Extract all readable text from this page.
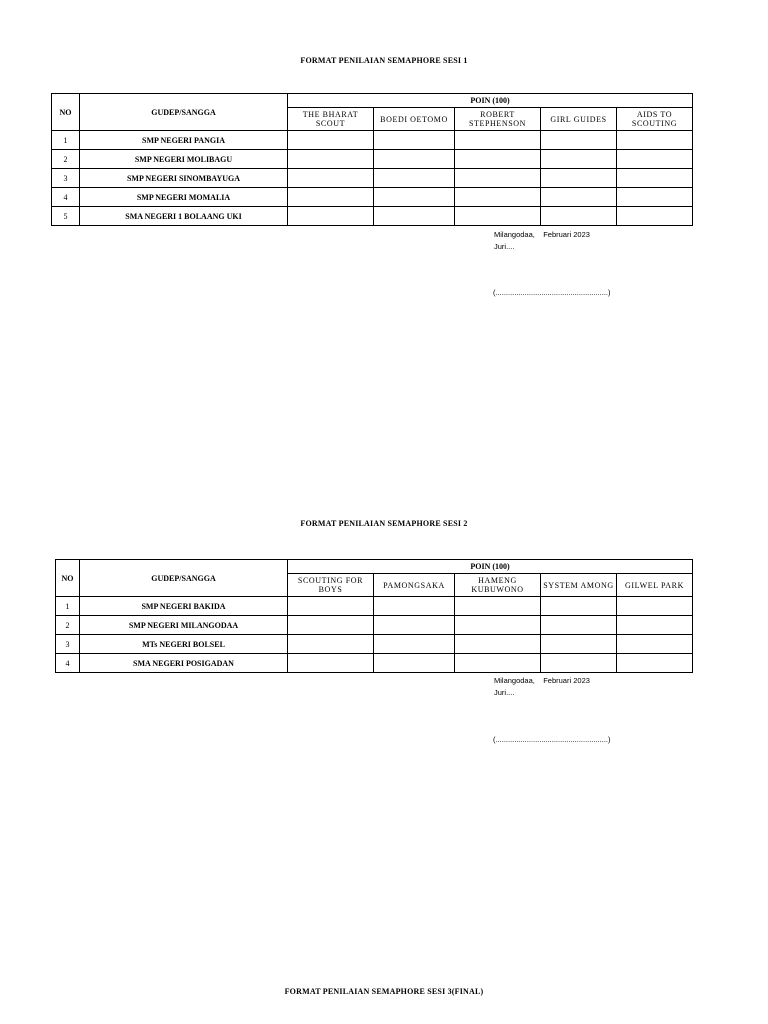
FORMAT PENILAIAN SEMAPHORE SESI 1
NO	GUDEP/SANGGA	POIN (100)				
		THE BHARAT SCOUT	BOEDI OETOMO	ROBERT STEPHENSON	GIRL GUIDES	AIDS TO SCOUTING
1	SMP NEGERI PANGIA					
2	SMP NEGERI MOLIBAGU					
3	SMP NEGERI SINOMBAYUGA					
4	SMP NEGERI MOMALIA					
5	SMA NEGERI 1 BOLAANG UKI					
Milangodaa, Februari 2023
Juri....
(......................................................)
FORMAT PENILAIAN SEMAPHORE SESI 2
NO	GUDEP/SANGGA	POIN (100)				
		SCOUTING FOR BOYS	PAMONGSAKA	HAMENG KUBUWONO	SYSTEM AMONG	GILWEL PARK
1	SMP NEGERI BAKIDA					
2	SMP NEGERI MILANGODAA					
3	MTs NEGERI BOLSEL					
4	SMA NEGERI POSIGADAN					
Milangodaa, Februari 2023
Juri....
(......................................................)
FORMAT PENILAIAN SEMAPHORE SESI 3(FINAL)
